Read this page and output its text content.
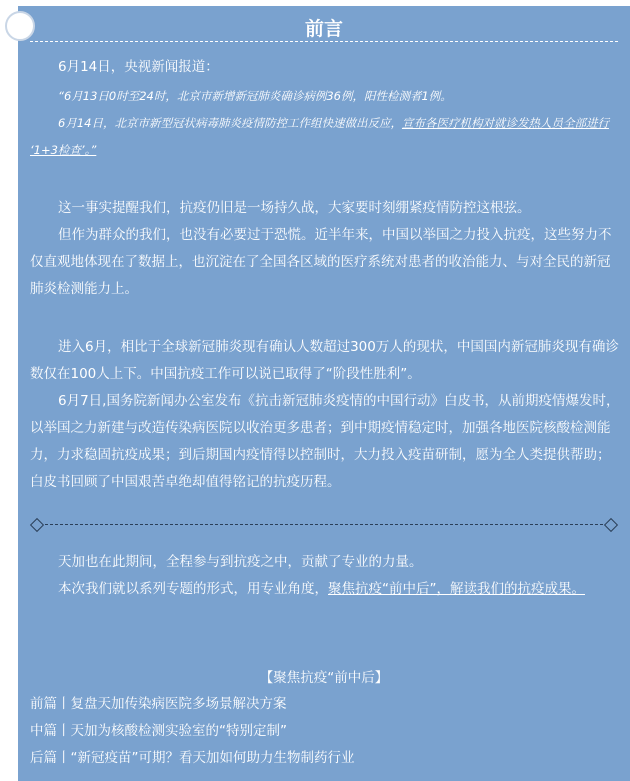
前言

6月14日，央视新闻报道：

“6月13日0时至24时，北京市新增新冠肺炎确诊病例36例，阳性检测者1例。

6月14日，北京市新型冠状病毒肺炎疫情防控工作组快速做出反应，宣布各医疗机构对就诊发热人员全部进行 ‘1+3检查’。”

这一事实提醒我们，抗疫仍旧是一场持久战，大家要时刻绷紧疫情防控这根弦。

但作为群众的我们，也没有必要过于恐慌。近半年来，中国以举国之力投入抗疫，这些努力不仅直观地体现在了数据上，也沉淀在了全国各区域的医疗系统对患者的收治能力、与对全民的新冠肺炎检测能力上。

进入6月，相比于全球新冠肺炎现有确认人数超过300万人的现状，中国国内新冠肺炎现有确诊数仅在100人上下。中国抗疫工作可以说已取得了“阶段性胜利”。

6月7日,国务院新闻办公室发布《抗击新冠肺炎疫情的中国行动》白皮书，从前期疫情爆发时，以举国之力新建与改造传染病医院以收治更多患者；到中期疫情稳定时，加强各地医院核酸检测能力，力求稳固抗疫成果；到后期国内疫情得以控制时，大力投入疫苗研制，愿为全人类提供帮助；白皮书回顾了中国艰苦卓绝却值得铭记的抗疫历程。

天加也在此期间，全程参与到抗疫之中，贡献了专业的力量。

本次我们就以系列专题的形式，用专业角度，聚焦抗疫“前中后”，解读我们的抗疫成果。

【聚焦抗疫“前中后】
前篇丨复盘天加传染病医院多场景解决方案
中篇丨天加为核酸检测实验室的“特别定制”
后篇丨“新冠疫苗”可期？看天加如何助力生物制药行业
